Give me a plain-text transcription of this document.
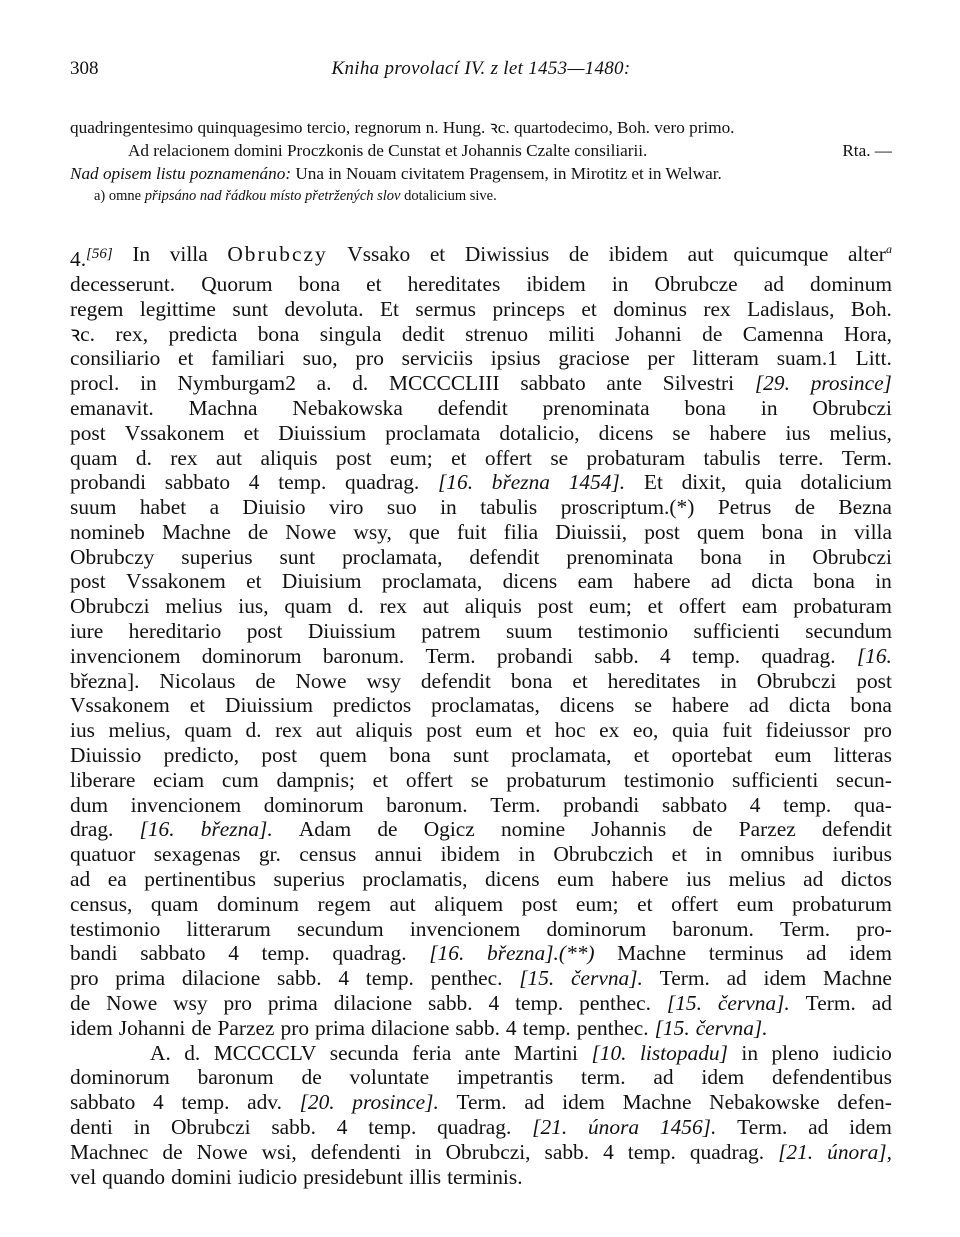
308	Kniha provolací IV. z let 1453—1480:
quadringentesimo quinquagesimo tercio, regnorum n. Hung. ꝛc. quartodecimo, Boh. vero primo.
Ad relacionem domini Proczkonis de Cunstat et Johannis Czalte consiliarii.	Rta. —
Nad opisem listu poznamenáno: Una in Nouam civitatem Pragensem, in Mirotitz et in Welwar.
a) omne připsáno nad řádkou místo přetržených slov dotalicium sive.
4.[56] In villa Obrubczy Vssako et Diwissius de ibidem aut quicumque alter$^a$
decesserunt. Quorum bona et hereditates ibidem in Obrubcze ad dominum
regem legittime sunt devoluta. Et sermus princeps et dominus rex Ladislaus, Boh.
ꝛc. rex, predicta bona singula dedit strenuo militi Johanni de Camenna Hora,
consiliario et familiari suo, pro serviciis ipsius graciose per litteram suam.1 Litt.
procl. in Nymburgam2 a. d. MCCCCLIII sabbato ante Silvestri [29. prosince]
emanavit. Machna Nebakowska defendit prenominata bona in Obrubczi
post Vssakonem et Diuissium proclamata dotalicio, dicens se habere ius melius,
quam d. rex aut aliquis post eum; et offert se probaturam tabulis terre. Term.
probandi sabbato 4 temp. quadrag. [16. března 1454]. Et dixit, quia dotalicium
suum habet a Diuisio viro suo in tabulis proscriptum.(*) Petrus de Bezna
nomineb Machne de Nowe wsy, que fuit filia Diuissii, post quem bona in villa
Obrubczy superius sunt proclamata, defendit prenominata bona in Obrubczi
post Vssakonem et Diuisium proclamata, dicens eam habere ad dicta bona in
Obrubczi melius ius, quam d. rex aut aliquis post eum; et offert eam probaturam
iure hereditario post Diuissium patrem suum testimonio sufficienti secundum
invencionem dominorum baronum. Term. probandi sabb. 4 temp. quadrag. [16.
března]. Nicolaus de Nowe wsy defendit bona et hereditates in Obrubczi post
Vssakonem et Diuissium predictos proclamatas, dicens se habere ad dicta bona
ius melius, quam d. rex aut aliquis post eum et hoc ex eo, quia fuit fideiussor pro
Diuissio predicto, post quem bona sunt proclamata, et oportebat eum litteras
liberare eciam cum dampnis; et offert se probaturum testimonio sufficienti secun-
dum invencionem dominorum baronum. Term. probandi sabbato 4 temp. qua-
drag. [16. března]. Adam de Ogicz nomine Johannis de Parzez defendit
quatuor sexagenas gr. census annui ibidem in Obrubczich et in omnibus iuribus
ad ea pertinentibus superius proclamatis, dicens eum habere ius melius ad dictos
census, quam dominum regem aut aliquem post eum; et offert eum probaturum
testimonio litterarum secundum invencionem dominorum baronum. Term. pro-
bandi sabbato 4 temp. quadrag. [16. března].(**) Machne terminus ad idem
pro prima dilacione sabb. 4 temp. penthec. [15. června]. Term. ad idem Machne
de Nowe wsy pro prima dilacione sabb. 4 temp. penthec. [15. června]. Term. ad
idem Johanni de Parzez pro prima dilacione sabb. 4 temp. penthec. [15. června].
A. d. MCCCCLV secunda feria ante Martini [10. listopadu] in pleno iudicio
dominorum baronum de voluntate impetrantis term. ad idem defendentibus
sabbato 4 temp. adv. [20. prosince]. Term. ad idem Machne Nebakowske defen-
denti in Obrubczi sabb. 4 temp. quadrag. [21. února 1456]. Term. ad idem
Machnec de Nowe wsi, defendenti in Obrubczi, sabb. 4 temp. quadrag. [21. února],
vel quando domini iudicio presidebunt illis terminis.
